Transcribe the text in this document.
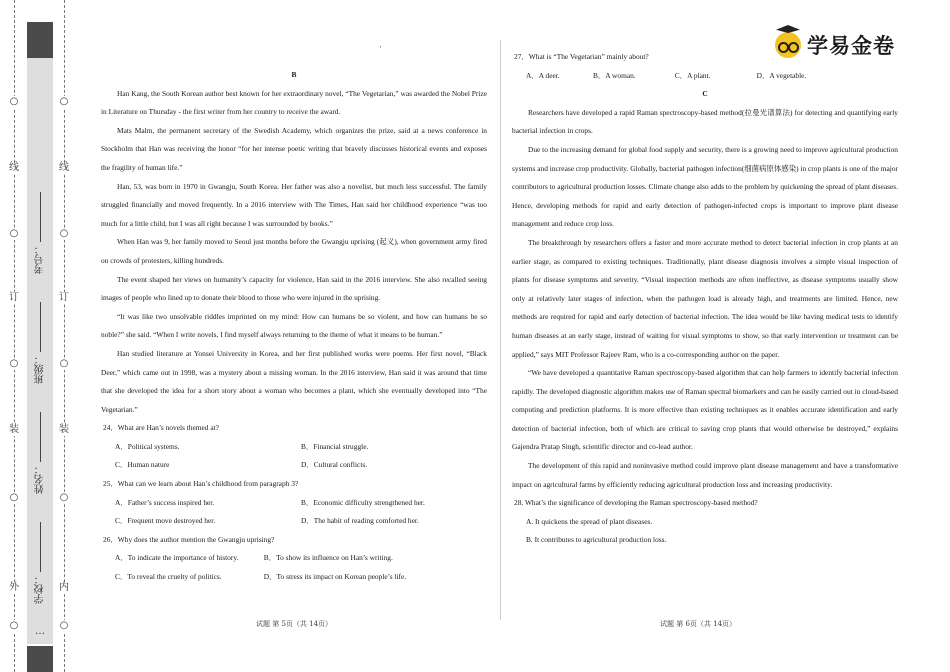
外
装
订
线
○
○
○
○
○
内
装
订
线
○
○
○
○
○
学校：
姓名：
班级：
考号：
…
学易金卷
'

B

Han Kang, the South Korean author best known for her extraordinary novel, “The Vegetarian,” was awarded the Nobel Prize in Literature on Thursday - the first writer from her country to receive the award.

Mats Malm, the permanent secretary of the Swedish Academy, which organizes the prize, said at a news conference in Stockholm that Han was receiving the honor “for her intense poetic writing that bravely discusses historical events and exposes the fragility of human life.”

Han, 53, was born in 1970 in Gwangju, South Korea. Her father was also a novelist, but much less successful. The family struggled financially and moved frequently. In a 2016 interview with The Times, Han said her childhood experience “was too much for a little child, but I was all right because I was surrounded by books.”

When Han was 9, her family moved to Seoul just months before the Gwangju uprising (起义), when government army fired on crowds of protesters, killing hundreds.

The event shaped her views on humanity’s capacity for violence, Han said in the 2016 interview. She also recalled seeing images of people who lined up to donate their blood to those who were injured in the uprising.

“It was like two unsolvable riddles imprinted on my mind: How can humans be so violent, and how can humans be so noble?” she said. “When I write novels, I find myself always returning to the theme of what it means to be human.”

Han studied literature at Yonsei University in Korea, and her first published works were poems. Her first novel, “Black Deer,” which came out in 1998, was a mystery about a missing woman. In the 2016 interview, Han said it was around that time that she developed the idea for a short story about a woman who becomes a plant, which she eventually developed into “The Vegetarian.”

24．What are Han’s novels themed at?

A．Political systems.	B．Financial struggle.
C．Human nature	D．Cultural conflicts.

25．What can we learn about Han’s childhood from paragraph 3?

A．Father’s success inspired her.	B．Economic difficulty strengthened her.
C．Frequent move destroyed her.	D．The habit of reading comforted her.

26．Why does the author mention the Gwangju uprising?

A．To indicate the importance of history.	B．To show its influence on Han’s writing.
C．To reveal the cruelty of politics.	D．To stress its impact on Korean people’s life.

27．What is “The Vegetarian” mainly about?

A．A deer.	B．A woman.	C．A plant.	D．A vegetable.

C

Researchers have developed a rapid Raman spectroscopy-based method(拉曼光谱算法) for detecting and quantifying early bacterial infection in crops.

Due to the increasing demand for global food supply and security, there is a growing need to improve agricultural production systems and increase crop productivity. Globally, bacterial pathogen infection(细菌病原体感染) in crop plants is one of the major contributors to agricultural production losses. Climate change also adds to the problem by quickening the spread of plant diseases. Hence, developing methods for rapid and early detection of pathogen-infected crops is important to improve plant disease management and reduce crop loss.

The breakthrough by researchers offers a faster and more accurate method to detect bacterial infection in crop plants at an earlier stage, as compared to existing techniques. Traditionally, plant disease diagnosis involves a simple visual inspection of plants for disease symptoms and severity. “Visual inspection methods are often ineffective, as disease symptoms usually show only at relatively later stages of infection, when the pathogen load is already high, and treatments are limited. Hence, new methods are required for rapid and early detection of bacterial infection. The idea would be like having medical tests to identify human diseases at an early stage, instead of waiting for visual symptoms to show, so that early intervention or treatment can be applied,” says MIT Professor Rajeev Ram, who is a co-corresponding author on the paper.

“We have developed a quantitative Raman spectroscopy-based algorithm that can help farmers to identify bacterial infection rapidly. The developed diagnostic algorithm makes use of Raman spectral biomarkers and can be easily carried out in cloud-based computing and prediction platforms. It is more effective than existing techniques as it enables accurate identification and early detection of bacterial infection, both of which are critical to saving crop plants that would otherwise be destroyed,” explains Gajendra Pratap Singh, scientific director and co-lead author.

The development of this rapid and noninvasive method could improve plant disease management and have a transformative impact on agricultural farms by efficiently reducing agricultural production loss and increasing productivity.

28. What’s the significance of developing the Raman spectroscopy-based method?

A. It quickens the spread of plant diseases.

B. It contributes to agricultural production loss.

试题 第 5页（共 14页）	试题 第 6页（共 14页）
